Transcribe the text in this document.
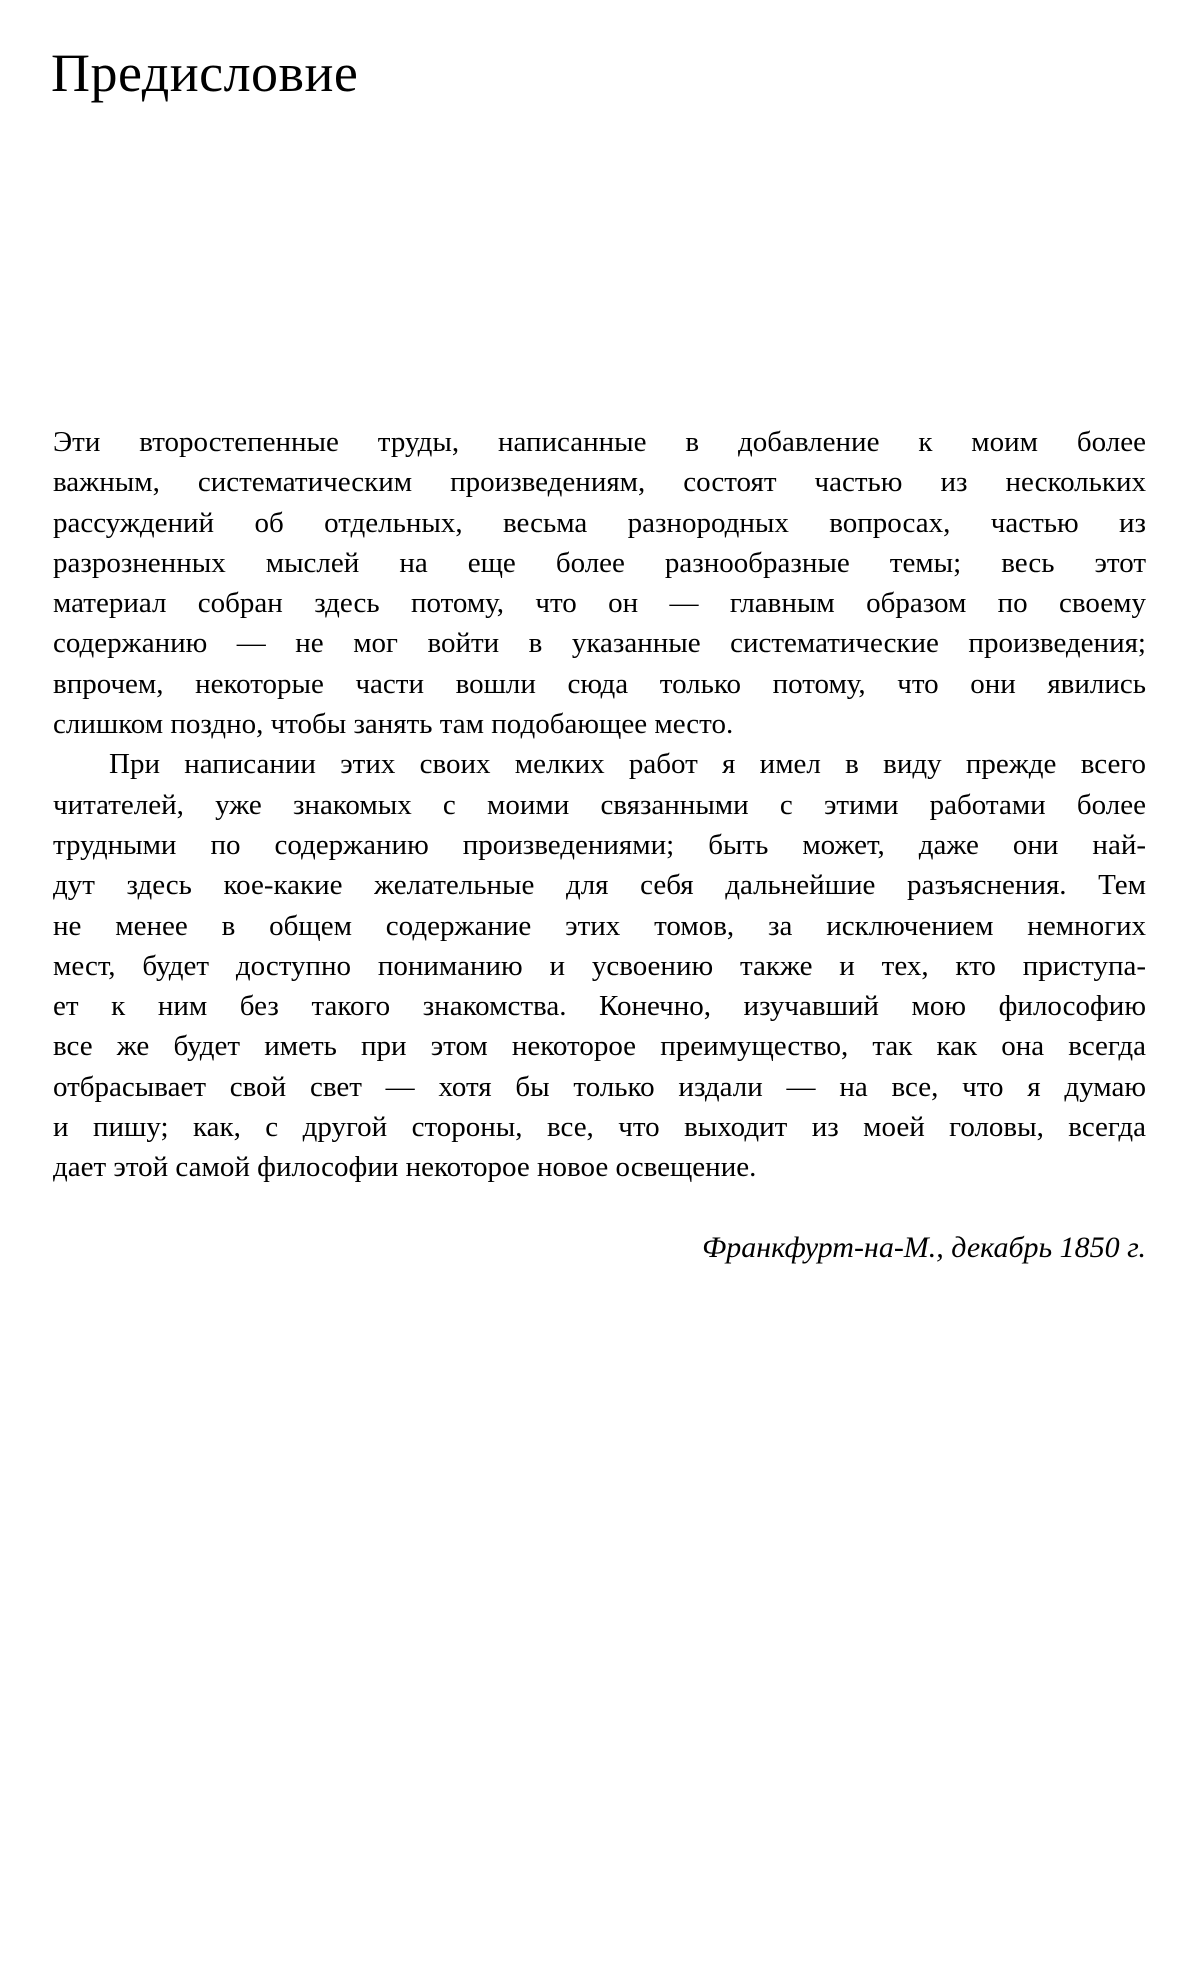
Предисловие

Эти второстепенные труды, написанные в добавление к моим более
важным, систематическим произведениям, состоят частью из нескольких
рассуждений об отдельных, весьма разнородных вопросах, частью из
разрозненных мыслей на еще более разнообразные темы; весь этот
материал собран здесь потому, что он — главным образом по своему
содержанию — не мог войти в указанные систематические произведения;
впрочем, некоторые части вошли сюда только потому, что они явились
слишком поздно, чтобы занять там подобающее место.

При написании этих своих мелких работ я имел в виду прежде всего
читателей, уже знакомых с моими связанными с этими работами более
трудными по содержанию произведениями; быть может, даже они най-
дут здесь кое-какие желательные для себя дальнейшие разъяснения. Тем
не менее в общем содержание этих томов, за исключением немногих
мест, будет доступно пониманию и усвоению также и тех, кто приступа-
ет к ним без такого знакомства. Конечно, изучавший мою философию
все же будет иметь при этом некоторое преимущество, так как она всегда
отбрасывает свой свет — хотя бы только издали — на все, что я думаю
и пишу; как, с другой стороны, все, что выходит из моей головы, всегда
дает этой самой философии некоторое новое освещение.

Франкфурт-на-М., декабрь 1850 г.
